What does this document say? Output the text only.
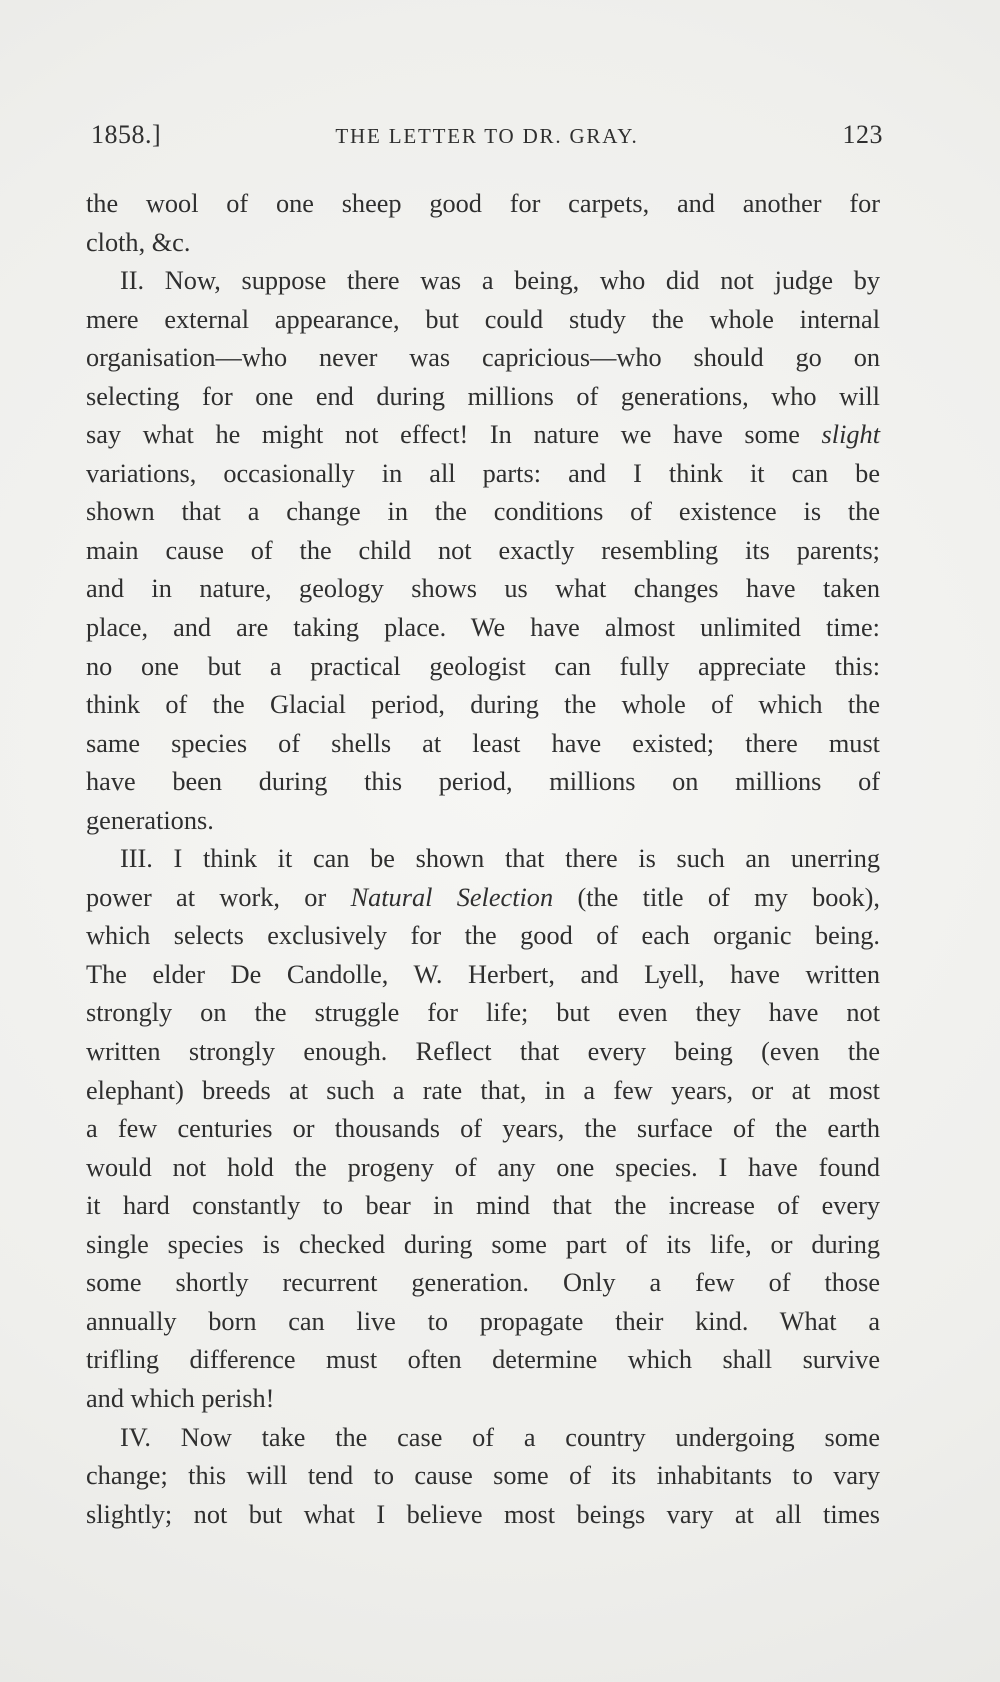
1858.]	THE LETTER TO DR. GRAY.	123
the wool of one sheep good for carpets, and another for
cloth, &c.
II. Now, suppose there was a being, who did not judge by
mere external appearance, but could study the whole internal
organisation—who never was capricious—who should go on
selecting for one end during millions of generations, who will
say what he might not effect! In nature we have some slight
variations, occasionally in all parts: and I think it can be
shown that a change in the conditions of existence is the
main cause of the child not exactly resembling its parents;
and in nature, geology shows us what changes have taken
place, and are taking place. We have almost unlimited time:
no one but a practical geologist can fully appreciate this:
think of the Glacial period, during the whole of which the
same species of shells at least have existed; there must
have been during this period, millions on millions of
generations.
III. I think it can be shown that there is such an unerring
power at work, or Natural Selection (the title of my book),
which selects exclusively for the good of each organic being.
The elder De Candolle, W. Herbert, and Lyell, have written
strongly on the struggle for life; but even they have not
written strongly enough. Reflect that every being (even the
elephant) breeds at such a rate that, in a few years, or at most
a few centuries or thousands of years, the surface of the earth
would not hold the progeny of any one species. I have found
it hard constantly to bear in mind that the increase of every
single species is checked during some part of its life, or during
some shortly recurrent generation. Only a few of those
annually born can live to propagate their kind. What a
trifling difference must often determine which shall survive
and which perish!
IV. Now take the case of a country undergoing some
change; this will tend to cause some of its inhabitants to vary
slightly; not but what I believe most beings vary at all times
